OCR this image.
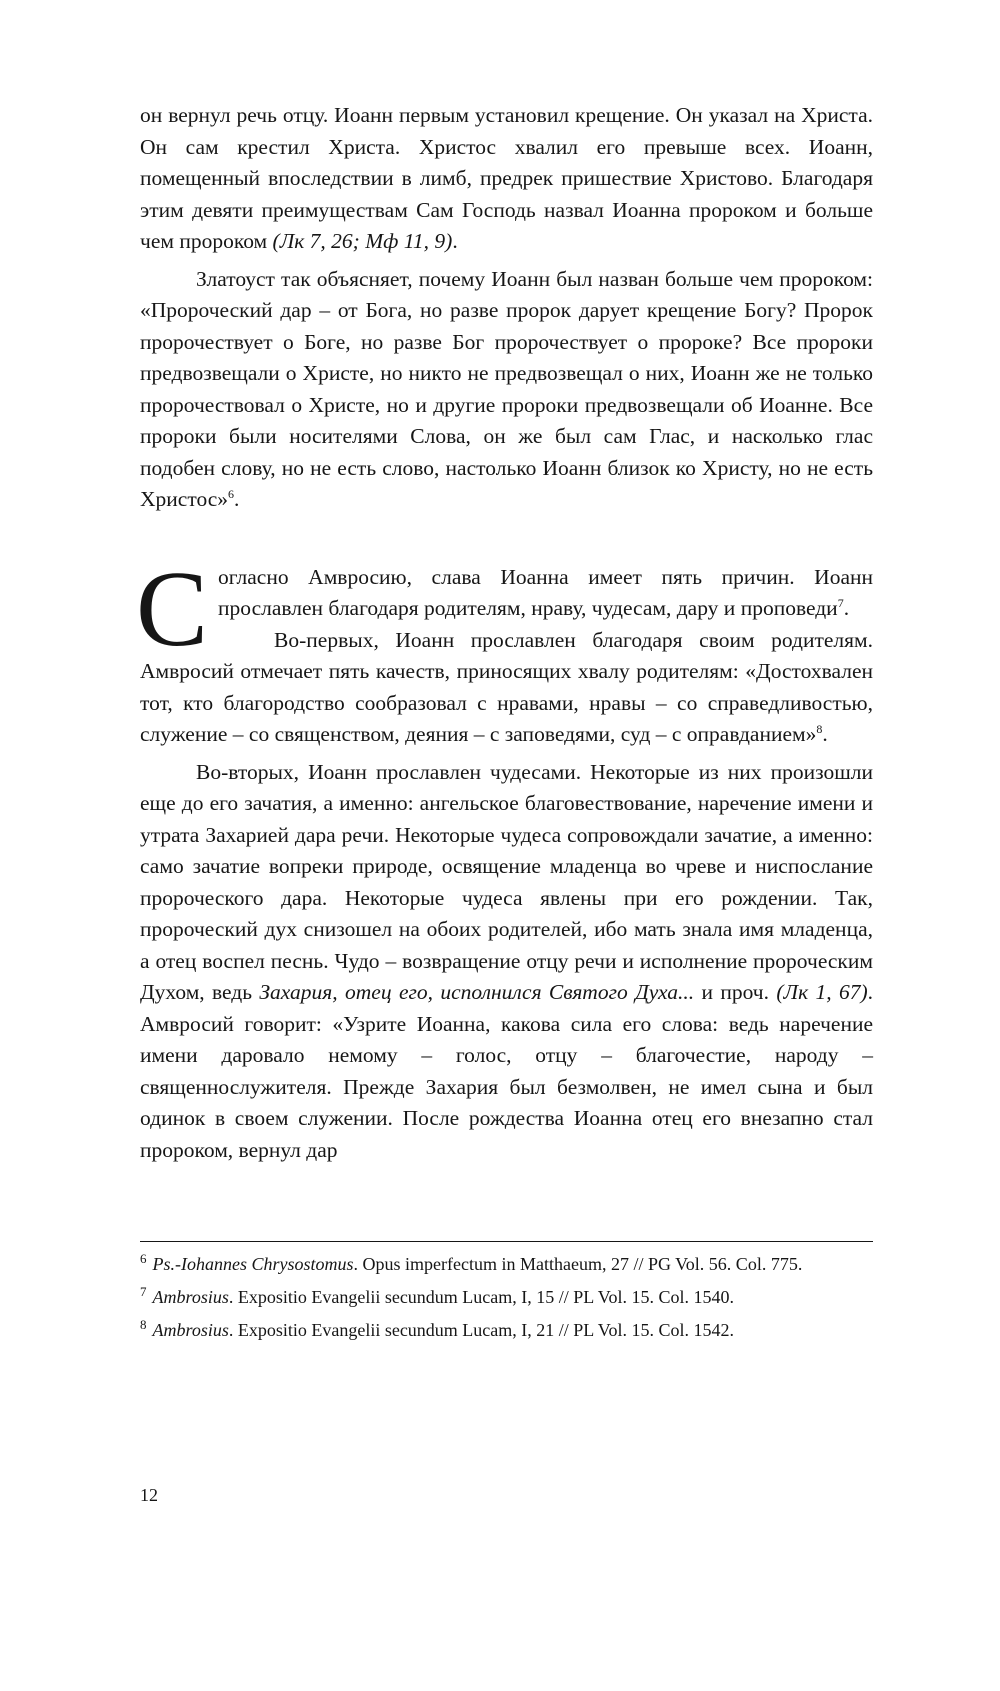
он вернул речь отцу. Иоанн первым установил крещение. Он указал на Христа. Он сам крестил Христа. Христос хвалил его превыше всех. Иоанн, помещенный впоследствии в лимб, предрек пришествие Христово. Благодаря этим девяти преимуществам Сам Господь назвал Иоанна пророком и больше чем пророком (Лк 7, 26; Мф 11, 9).

Златоуст так объясняет, почему Иоанн был назван больше чем пророком: «Пророческий дар – от Бога, но разве пророк дарует крещение Богу? Пророк пророчествует о Боге, но разве Бог пророчествует о пророке? Все пророки предвозвещали о Христе, но никто не предвозвещал о них, Иоанн же не только пророчествовал о Христе, но и другие пророки предвозвещали об Иоанне. Все пророки были носителями Слова, он же был сам Глас, и насколько глас подобен слову, но не есть слово, настолько Иоанн близок ко Христу, но не есть Христос»$^6$.

С огласно Амвросию, слава Иоанна имеет пять причин. Иоанн прославлен благодаря родителям, нраву, чудесам, дару и проповеди$^7$.

Во-первых, Иоанн прославлен благодаря своим родителям. Амвросий отмечает пять качеств, приносящих хвалу родителям: «Достохвален тот, кто благородство сообразовал с нравами, нравы – со справедливостью, служение – со священством, деяния – с заповедями, суд – с оправданием»$^8$.

Во-вторых, Иоанн прославлен чудесами. Некоторые из них произошли еще до его зачатия, а именно: ангельское благовествование, наречение имени и утрата Захарией дара речи. Некоторые чудеса сопровождали зачатие, а именно: само зачатие вопреки природе, освящение младенца во чреве и ниспослание пророческого дара. Некоторые чудеса явлены при его рождении. Так, пророческий дух снизошел на обоих родителей, ибо мать знала имя младенца, а отец воспел песнь. Чудо – возвращение отцу речи и исполнение пророческим Духом, ведь Захария, отец его, исполнился Святого Духа... и проч. (Лк 1, 67). Амвросий говорит: «Узрите Иоанна, какова сила его слова: ведь наречение имени даровало немому – голос, отцу – благочестие, народу – священнослужителя. Прежде Захария был безмолвен, не имел сына и был одинок в своем служении. После рождества Иоанна отец его внезапно стал пророком, вернул дар

$^6$ Ps.-Iohannes Chrysostomus. Opus imperfectum in Matthaeum, 27 // PG Vol. 56. Col. 775.

$^7$ Ambrosius. Expositio Evangelii secundum Lucam, I, 15 // PL Vol. 15. Col. 1540.

$^8$ Ambrosius. Expositio Evangelii secundum Lucam, I, 21 // PL Vol. 15. Col. 1542.

12
